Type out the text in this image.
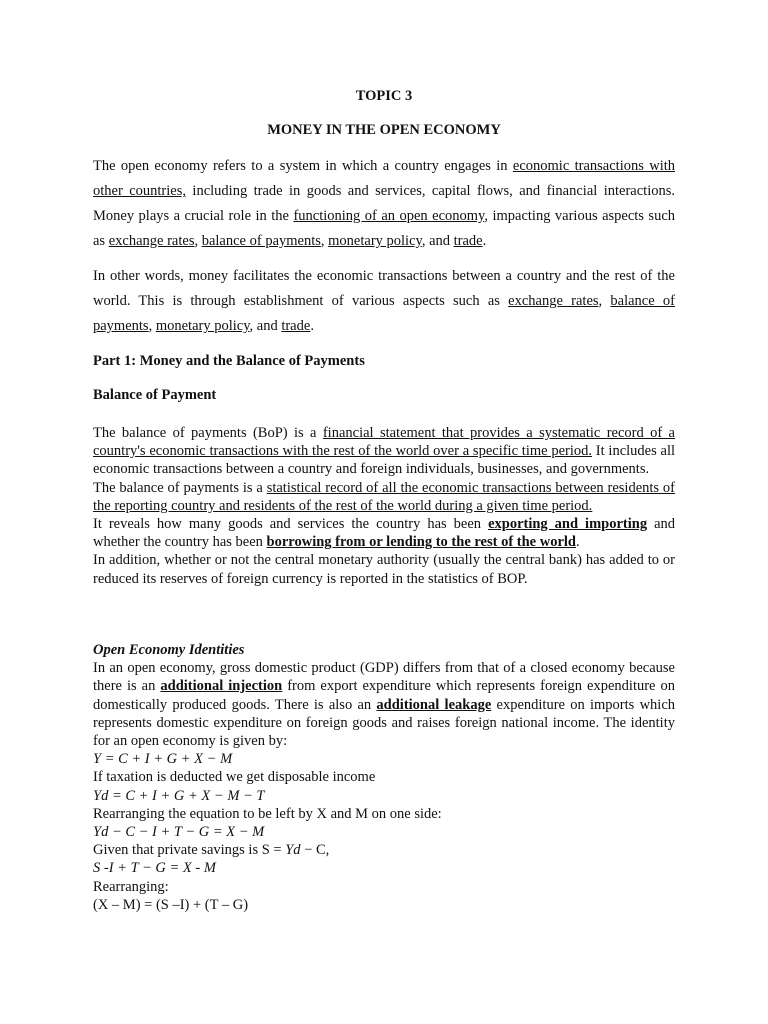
TOPIC 3
MONEY IN THE OPEN ECONOMY

The open economy refers to a system in which a country engages in economic transactions with other countries, including trade in goods and services, capital flows, and financial interactions. Money plays a crucial role in the functioning of an open economy, impacting various aspects such as exchange rates, balance of payments, monetary policy, and trade.

In other words, money facilitates the economic transactions between a country and the rest of the world. This is through establishment of various aspects such as exchange rates, balance of payments, monetary policy, and trade.

Part 1: Money and the Balance of Payments

Balance of Payment

The balance of payments (BoP) is a financial statement that provides a systematic record of a country's economic transactions with the rest of the world over a specific time period. It includes all economic transactions between a country and foreign individuals, businesses, and governments.
The balance of payments is a statistical record of all the economic transactions between residents of the reporting country and residents of the rest of the world during a given time period.
It reveals how many goods and services the country has been exporting and importing and whether the country has been borrowing from or lending to the rest of the world.
In addition, whether or not the central monetary authority (usually the central bank) has added to or reduced its reserves of foreign currency is reported in the statistics of BOP.
Open Economy Identities
In an open economy, gross domestic product (GDP) differs from that of a closed economy because there is an additional injection from export expenditure which represents foreign expenditure on domestically produced goods. There is also an additional leakage expenditure on imports which represents domestic expenditure on foreign goods and raises foreign national income. The identity for an open economy is given by:
Y = C + I + G + X − M
If taxation is deducted we get disposable income
Yd = C + I + G + X − M − T
Rearranging the equation to be left by X and M on one side:
Yd − C − I + T − G = X − M
Given that private savings is S = Yd − C,
S -I + T − G = X - M
Rearranging:
(X – M) = (S –I) + (T – G)
